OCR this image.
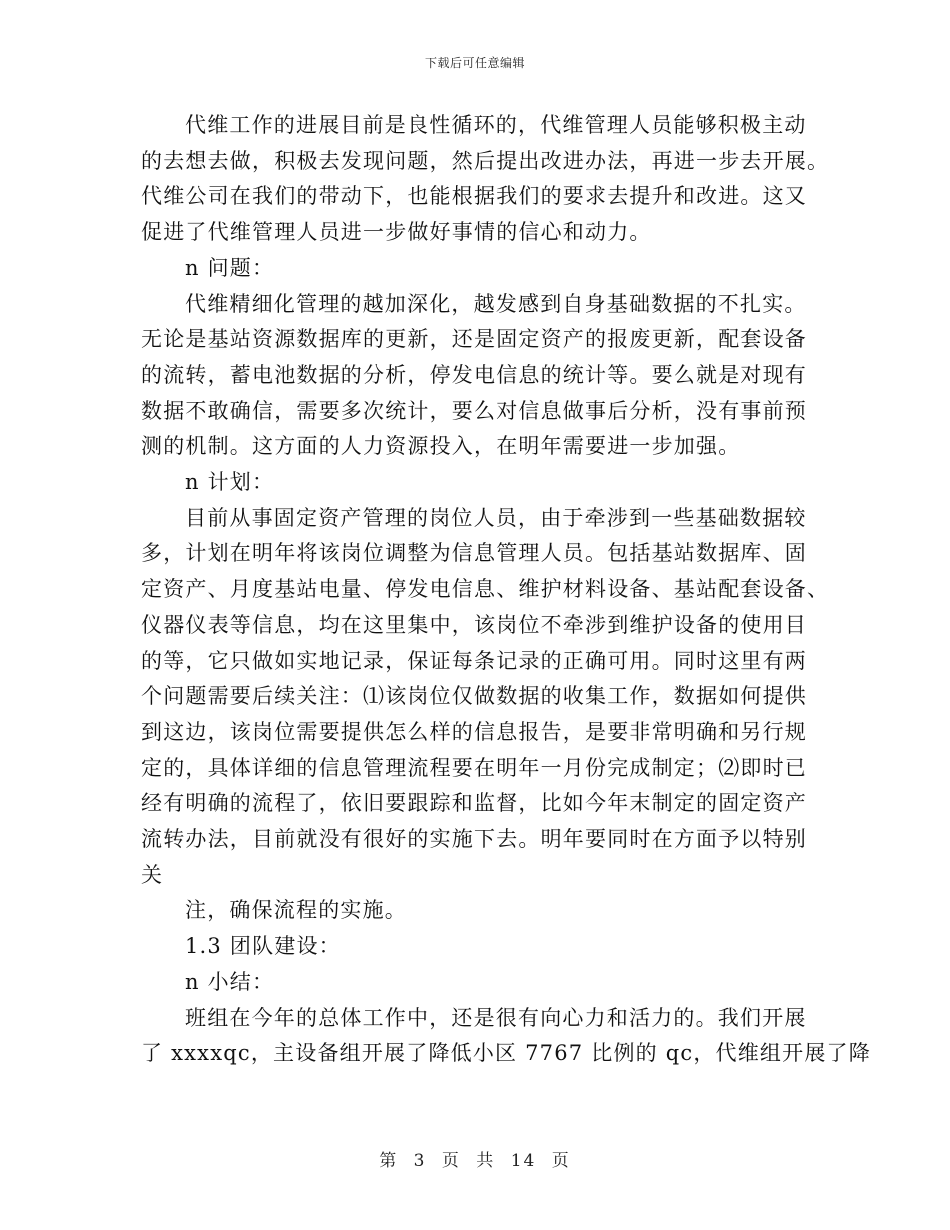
下载后可任意编辑
代维工作的进展目前是良性循环的，代维管理人员能够积极主动
的去想去做，积极去发现问题，然后提出改进办法，再进一步去开展。
代维公司在我们的带动下，也能根据我们的要求去提升和改进。这又
促进了代维管理人员进一步做好事情的信心和动力。
n 问题：
代维精细化管理的越加深化，越发感到自身基础数据的不扎实。
无论是基站资源数据库的更新，还是固定资产的报废更新，配套设备
的流转，蓄电池数据的分析，停发电信息的统计等。要么就是对现有
数据不敢确信，需要多次统计，要么对信息做事后分析，没有事前预
测的机制。这方面的人力资源投入，在明年需要进一步加强。
n 计划：
目前从事固定资产管理的岗位人员，由于牵涉到一些基础数据较
多，计划在明年将该岗位调整为信息管理人员。包括基站数据库、固
定资产、月度基站电量、停发电信息、维护材料设备、基站配套设备、
仪器仪表等信息，均在这里集中，该岗位不牵涉到维护设备的使用目
的等，它只做如实地记录，保证每条记录的正确可用。同时这里有两
个问题需要后续关注：⑴该岗位仅做数据的收集工作，数据如何提供
到这边，该岗位需要提供怎么样的信息报告，是要非常明确和另行规
定的，具体详细的信息管理流程要在明年一月份完成制定；⑵即时已
经有明确的流程了，依旧要跟踪和监督，比如今年末制定的固定资产
流转办法，目前就没有很好的实施下去。明年要同时在方面予以特别
关
注，确保流程的实施。
1.3 团队建设：
n 小结：
班组在今年的总体工作中，还是很有向心力和活力的。我们开展
了 xxxxqc，主设备组开展了降低小区 7767 比例的 qc，代维组开展了降
第 3 页 共 14 页
